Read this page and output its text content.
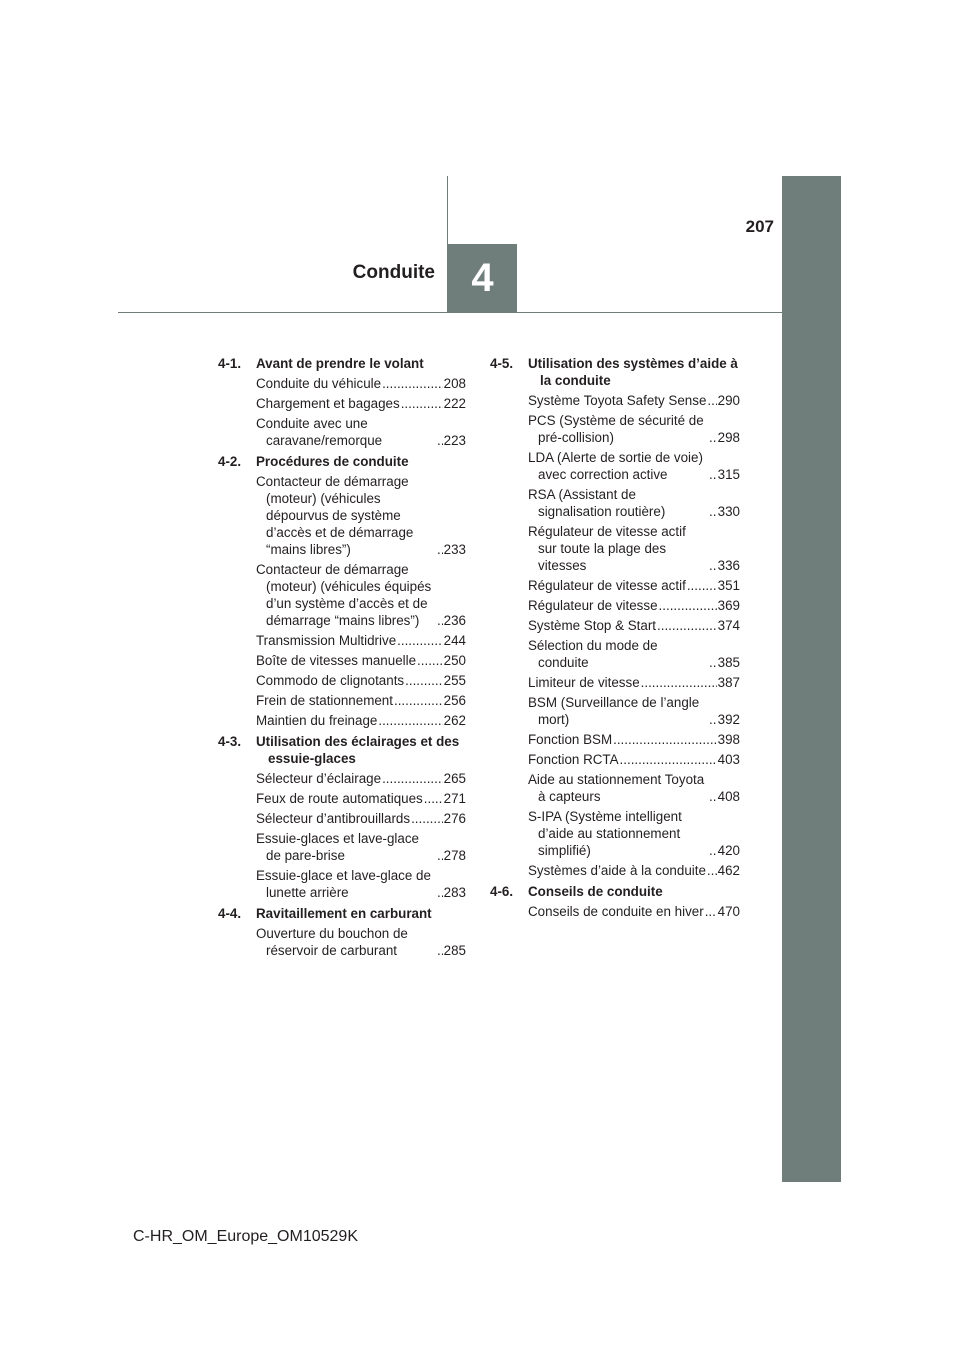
4
Conduite
207
4-1.	Avant de prendre le volant
Conduite du véhicule .....	208
Chargement et bagages .....	222
Conduite avec une caravane/remorque .....	223
4-2.	Procédures de conduite
Contacteur de démarrage (moteur) (véhicules dépourvus de système d’accès et de démarrage “mains libres”) .....	233
Contacteur de démarrage (moteur) (véhicules équipés d’un système d’accès et de démarrage “mains libres”) .....	236
Transmission Multidrive .....	244
Boîte de vitesses manuelle ..... 250
Commodo de clignotants .....	255
Frein de stationnement .....	256
Maintien du freinage .....	262
4-3.	Utilisation des éclairages et des essuie-glaces
Sélecteur d’éclairage .....	265
Feux de route automatiques ..... 271
Sélecteur d’antibrouillards .....	276
Essuie-glaces et lave-glace de pare-brise .....	278
Essuie-glace et lave-glace de lunette arrière .....	283
4-4.	Ravitaillement en carburant
Ouverture du bouchon de réservoir de carburant .....	285
4-5.	Utilisation des systèmes d’aide à la conduite
Système Toyota Safety Sense ..... 290
PCS (Système de sécurité de pré-collision) .....	298
LDA (Alerte de sortie de voie) avec correction active .....	315
RSA (Assistant de signalisation routière) .....	330
Régulateur de vitesse actif sur toute la plage des vitesses .....	336
Régulateur de vitesse actif ..... 351
Régulateur de vitesse .....	369
Système Stop & Start .....	374
Sélection du mode de conduite .....	385
Limiteur de vitesse .....	387
BSM (Surveillance de l’angle mort) .....	392
Fonction BSM .....	398
Fonction RCTA .....	403
Aide au stationnement Toyota à capteurs .....	408
S-IPA (Système intelligent d’aide au stationnement simplifié) .....	420
Systèmes d’aide à la conduite ..... 462
4-6.	Conseils de conduite
Conseils de conduite en hiver ..... 470
C-HR_OM_Europe_OM10529K
